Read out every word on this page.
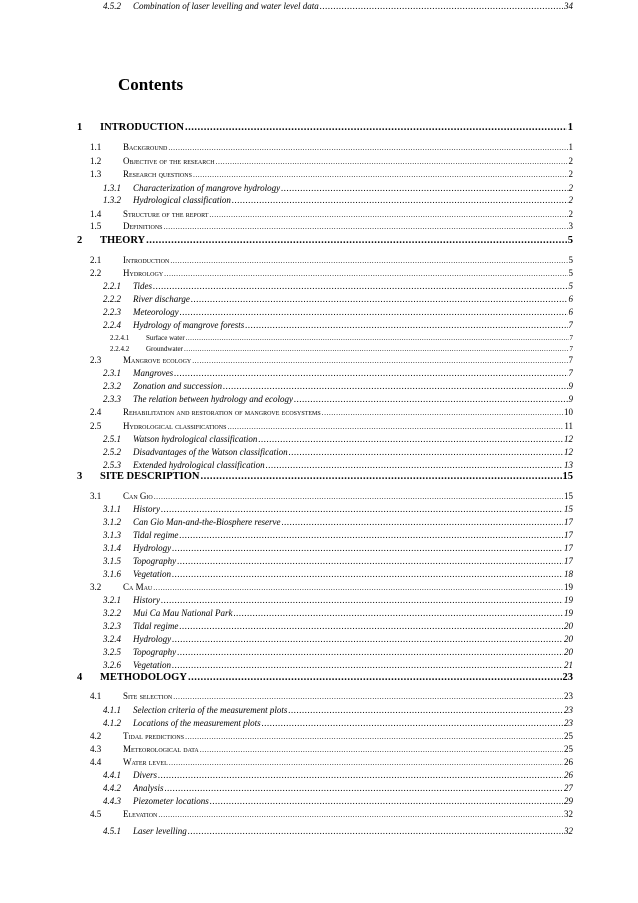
Contents
1 INTRODUCTION .....	1
1.1 Background .....	1
1.2 Objective of the research .....	2
1.3 Research questions .....	2
1.3.1 Characterization of mangrove hydrology .....	2
1.3.2 Hydrological classification .....	2
1.4 Structure of the report .....	2
1.5 Definitions .....	3
2 THEORY .....	5
2.1 Introduction .....	5
2.2 Hydrology .....	5
2.2.1 Tides .....	5
2.2.2 River discharge .....	6
2.2.3 Meteorology .....	6
2.2.4 Hydrology of mangrove forests .....	7
2.2.4.1 Surface water .....	7
2.2.4.2 Groundwater .....	7
2.3 Mangrove ecology .....	7
2.3.1 Mangroves .....	7
2.3.2 Zonation and succession .....	9
2.3.3 The relation between hydrology and ecology .....	9
2.4 Rehabilitation and restoration of mangrove ecosystems .....	10
2.5 Hydrological classifications .....	11
2.5.1 Watson hydrological classification .....	12
2.5.2 Disadvantages of the Watson classification .....	12
2.5.3 Extended hydrological classification .....	13
3 SITE DESCRIPTION .....	15
3.1 Can Gio .....	15
3.1.1 History .....	15
3.1.2 Can Gio Man-and-the-Biosphere reserve .....	17
3.1.3 Tidal regime .....	17
3.1.4 Hydrology .....	17
3.1.5 Topography .....	17
3.1.6 Vegetation .....	18
3.2 Ca Mau .....	19
3.2.1 History .....	19
3.2.2 Mui Ca Mau National Park .....	19
3.2.3 Tidal regime .....	20
3.2.4 Hydrology .....	20
3.2.5 Topography .....	20
3.2.6 Vegetation .....	21
4 METHODOLOGY .....	23
4.1 Site selection .....	23
4.1.1 Selection criteria of the measurement plots .....	23
4.1.2 Locations of the measurement plots .....	23
4.2 Tidal predictions .....	25
4.3 Meteorological data .....	25
4.4 Water level .....	26
4.4.1 Divers .....	26
4.4.2 Analysis .....	27
4.4.3 Piezometer locations .....	29
4.5 Elevation .....	32
4.5.1 Laser levelling .....	32
4.5.2 Combination of laser levelling and water level data .....	34
